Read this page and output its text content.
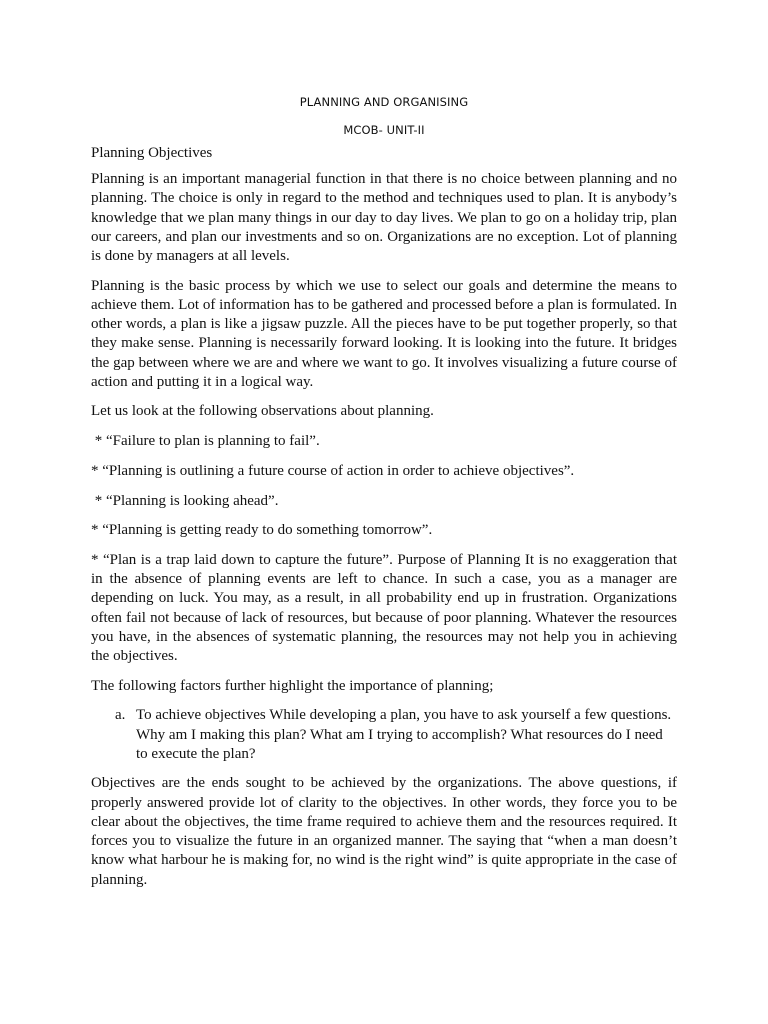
PLANNING AND ORGANISING

MCOB- UNIT-II

Planning Objectives

Planning is an important managerial function in that there is no choice between planning and no planning. The choice is only in regard to the method and techniques used to plan. It is anybody’s knowledge that we plan many things in our day to day lives. We plan to go on a holiday trip, plan our careers, and plan our investments and so on. Organizations are no exception. Lot of planning is done by managers at all levels.

Planning is the basic process by which we use to select our goals and determine the means to achieve them. Lot of information has to be gathered and processed before a plan is formulated. In other words, a plan is like a jigsaw puzzle. All the pieces have to be put together properly, so that they make sense. Planning is necessarily forward looking. It is looking into the future. It bridges the gap between where we are and where we want to go. It involves visualizing a future course of action and putting it in a logical way.

Let us look at the following observations about planning.

* “Failure to plan is planning to fail”.

* “Planning is outlining a future course of action in order to achieve objectives”.

* “Planning is looking ahead”.

* “Planning is getting ready to do something tomorrow”.

* “Plan is a trap laid down to capture the future”. Purpose of Planning It is no exaggeration that in the absence of planning events are left to chance. In such a case, you as a manager are depending on luck. You may, as a result, in all probability end up in frustration. Organizations often fail not because of lack of resources, but because of poor planning. Whatever the resources you have, in the absences of systematic planning, the resources may not help you in achieving the objectives.

The following factors further highlight the importance of planning;

a. To achieve objectives While developing a plan, you have to ask yourself a few questions. Why am I making this plan? What am I trying to accomplish? What resources do I need to execute the plan?

Objectives are the ends sought to be achieved by the organizations. The above questions, if properly answered provide lot of clarity to the objectives. In other words, they force you to be clear about the objectives, the time frame required to achieve them and the resources required. It forces you to visualize the future in an organized manner. The saying that “when a man doesn’t know what harbour he is making for, no wind is the right wind” is quite appropriate in the case of planning.
